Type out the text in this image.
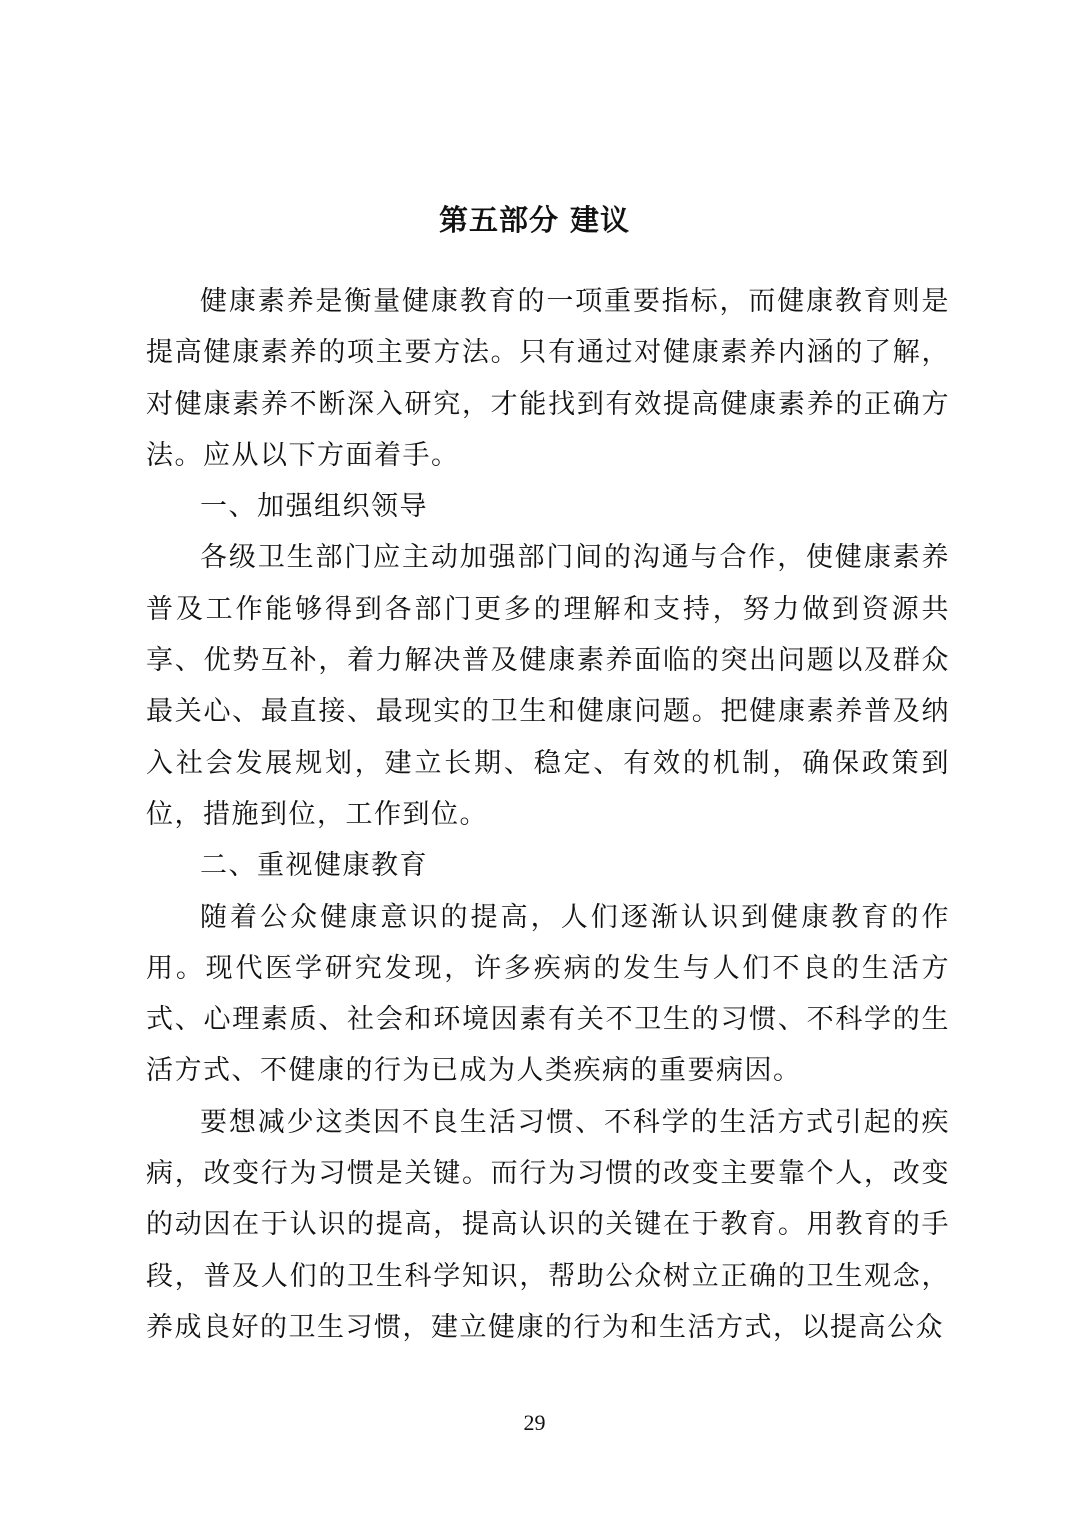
第五部分 建议

健康素养是衡量健康教育的一项重要指标，而健康教育则是提高健康素养的项主要方法。只有通过对健康素养内涵的了解，对健康素养不断深入研究，才能找到有效提高健康素养的正确方法。应从以下方面着手。

一、加强组织领导

各级卫生部门应主动加强部门间的沟通与合作，使健康素养普及工作能够得到各部门更多的理解和支持，努力做到资源共享、优势互补，着力解决普及健康素养面临的突出问题以及群众最关心、最直接、最现实的卫生和健康问题。把健康素养普及纳入社会发展规划，建立长期、稳定、有效的机制，确保政策到位，措施到位，工作到位。

二、重视健康教育

随着公众健康意识的提高，人们逐渐认识到健康教育的作用。现代医学研究发现，许多疾病的发生与人们不良的生活方式、心理素质、社会和环境因素有关不卫生的习惯、不科学的生活方式、不健康的行为已成为人类疾病的重要病因。

要想减少这类因不良生活习惯、不科学的生活方式引起的疾病，改变行为习惯是关键。而行为习惯的改变主要靠个人，改变的动因在于认识的提高，提高认识的关键在于教育。用教育的手段，普及人们的卫生科学知识，帮助公众树立正确的卫生观念，养成良好的卫生习惯，建立健康的行为和生活方式，以提高公众

29
